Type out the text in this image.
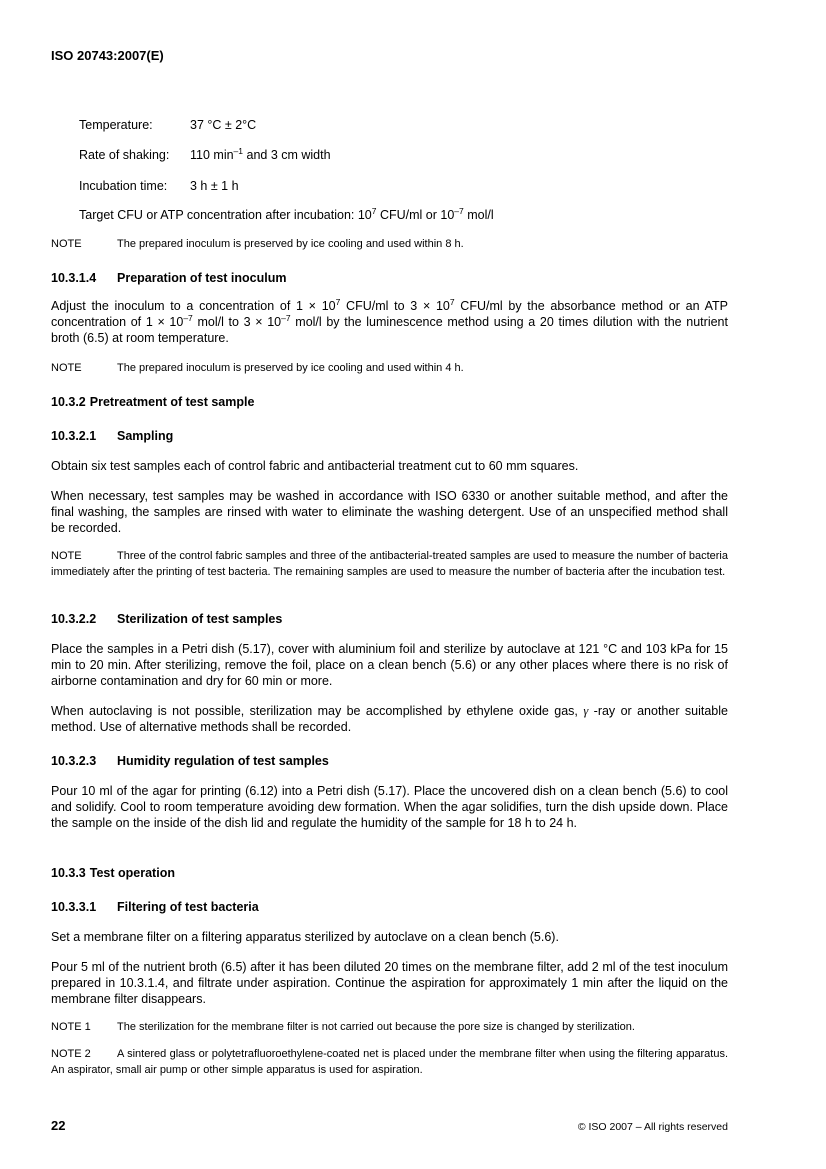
ISO 20743:2007(E)
Temperature:	37 °C ± 2°C
Rate of shaking: 110 $\min^{-1}$ and 3 cm width
Incubation time: 3 h ± 1 h
Target CFU or ATP concentration after incubation: $10^7$ CFU/ml or $10^{-7}$ mol/l
NOTE	The prepared inoculum is preserved by ice cooling and used within 8 h.
10.3.1.4 Preparation of test inoculum
Adjust the inoculum to a concentration of $1 \times 10^7$ CFU/ml to $3 \times 10^7$ CFU/ml by the absorbance method or an ATP concentration of $1 \times 10^{-7}$ mol/l to $3 \times 10^{-7}$ mol/l by the luminescence method using a 20 times dilution with the nutrient broth (6.5) at room temperature.
NOTE	The prepared inoculum is preserved by ice cooling and used within 4 h.
10.3.2 Pretreatment of test sample
10.3.2.1 Sampling
Obtain six test samples each of control fabric and antibacterial treatment cut to 60 mm squares.
When necessary, test samples may be washed in accordance with ISO 6330 or another suitable method, and after the final washing, the samples are rinsed with water to eliminate the washing detergent. Use of an unspecified method shall be recorded.
NOTE	Three of the control fabric samples and three of the antibacterial-treated samples are used to measure the number of bacteria immediately after the printing of test bacteria. The remaining samples are used to measure the number of bacteria after the incubation test.
10.3.2.2 Sterilization of test samples
Place the samples in a Petri dish (5.17), cover with aluminium foil and sterilize by autoclave at 121 °C and 103 kPa for 15 min to 20 min. After sterilizing, remove the foil, place on a clean bench (5.6) or any other places where there is no risk of airborne contamination and dry for 60 min or more.
When autoclaving is not possible, sterilization may be accomplished by ethylene oxide gas, γ -ray or another suitable method. Use of alternative methods shall be recorded.
10.3.2.3 Humidity regulation of test samples
Pour 10 ml of the agar for printing (6.12) into a Petri dish (5.17). Place the uncovered dish on a clean bench (5.6) to cool and solidify. Cool to room temperature avoiding dew formation. When the agar solidifies, turn the dish upside down. Place the sample on the inside of the dish lid and regulate the humidity of the sample for 18 h to 24 h.
10.3.3 Test operation
10.3.3.1 Filtering of test bacteria
Set a membrane filter on a filtering apparatus sterilized by autoclave on a clean bench (5.6).
Pour 5 ml of the nutrient broth (6.5) after it has been diluted 20 times on the membrane filter, add 2 ml of the test inoculum prepared in 10.3.1.4, and filtrate under aspiration. Continue the aspiration for approximately 1 min after the liquid on the membrane filter disappears.
NOTE 1 The sterilization for the membrane filter is not carried out because the pore size is changed by sterilization.
NOTE 2 A sintered glass or polytetrafluoroethylene-coated net is placed under the membrane filter when using the filtering apparatus. An aspirator, small air pump or other simple apparatus is used for aspiration.
22	© ISO 2007 – All rights reserved
